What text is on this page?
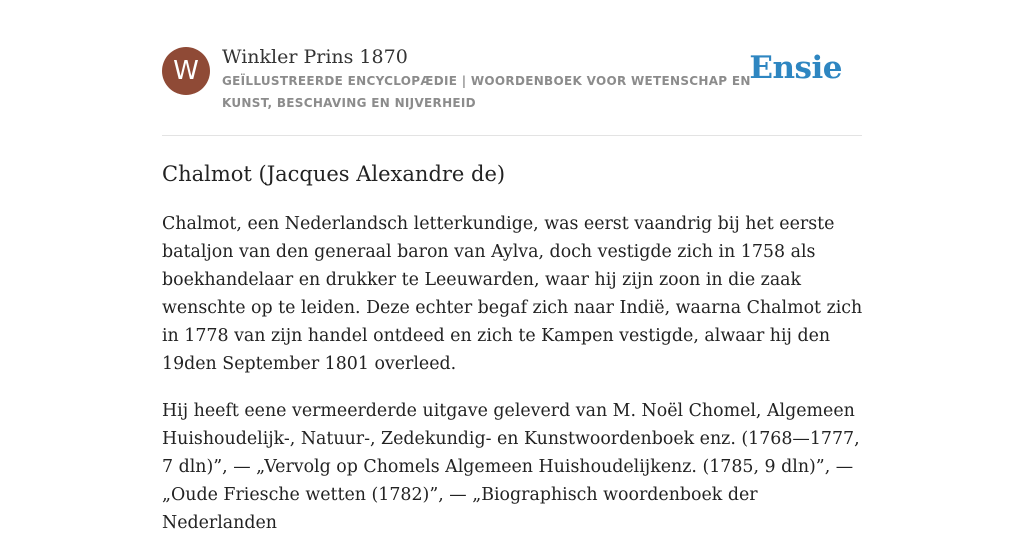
W Winkler Prins 1870
GEÏLLUSTREERDE ENCYCLOPÆDIE | WOORDENBOEK VOOR WETENSCHAP EN KUNST, BESCHAVING EN NIJVERHEID
Ensie
Chalmot (Jacques Alexandre de)

Chalmot, een Nederlandsch letterkundige, was eerst vaandrig bij het eerste bataljon van den generaal baron van Aylva, doch vestigde zich in 1758 als boekhandelaar en drukker te Leeuwarden, waar hij zijn zoon in die zaak wenschte op te leiden. Deze echter begaf zich naar Indië, waarna Chalmot zich in 1778 van zijn handel ontdeed en zich te Kampen vestigde, alwaar hij den 19den September 1801 overleed.

Hij heeft eene vermeerderde uitgave geleverd van M. Noël Chomel, Algemeen Huishoudelijk-, Natuur-, Zedekundig- en Kunstwoordenboek enz. (1768—1777, 7 dln)”, — „Vervolg op Chomels Algemeen Huishoudelijkenz. (1785, 9 dln)”, — „Oude Friesche wetten (1782)”, — „Biographisch woordenboek der Nederlanden
